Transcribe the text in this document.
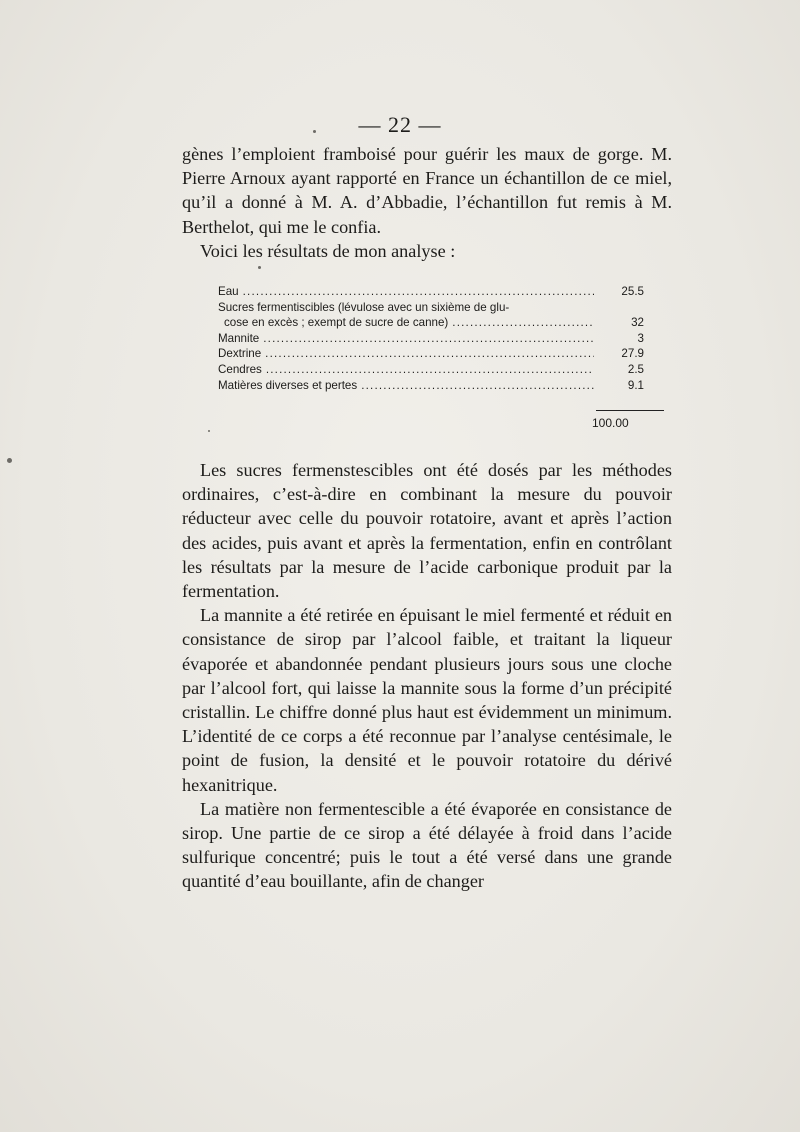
— 22 —

gènes l’emploient framboisé pour guérir les maux de gorge. M. Pierre Arnoux ayant rapporté en France un échantillon de ce miel, qu’il a donné à M. A. d’Abbadie, l’échantillon fut remis à M. Berthelot, qui me le confia.

Voici les résultats de mon analyse :

Eau .....	25.5
Sucres fermentiscibles (lévulose avec un sixième de glu-
cose en excès ; exempt de sucre de canne) .....	32
Mannite .....	3
Dextrine .....	27.9
Cendres .....	2.5
Matières diverses et pertes .....	9.1
100.00

Les sucres fermenstescibles ont été dosés par les méthodes ordinaires, c’est-à-dire en combinant la mesure du pouvoir réducteur avec celle du pouvoir rotatoire, avant et après l’action des acides, puis avant et après la fermentation, enfin en contrôlant les résultats par la mesure de l’acide carbonique produit par la fermentation.

La mannite a été retirée en épuisant le miel fermenté et réduit en consistance de sirop par l’alcool faible, et traitant la liqueur évaporée et abandonnée pendant plusieurs jours sous une cloche par l’alcool fort, qui laisse la mannite sous la forme d’un précipité cristallin. Le chiffre donné plus haut est évidemment un minimum. L’identité de ce corps a été reconnue par l’analyse centésimale, le point de fusion, la densité et le pouvoir rotatoire du dérivé hexanitrique.

La matière non fermentescible a été évaporée en consistance de sirop. Une partie de ce sirop a été délayée à froid dans l’acide sulfurique concentré; puis le tout a été versé dans une grande quantité d’eau bouillante, afin de changer
